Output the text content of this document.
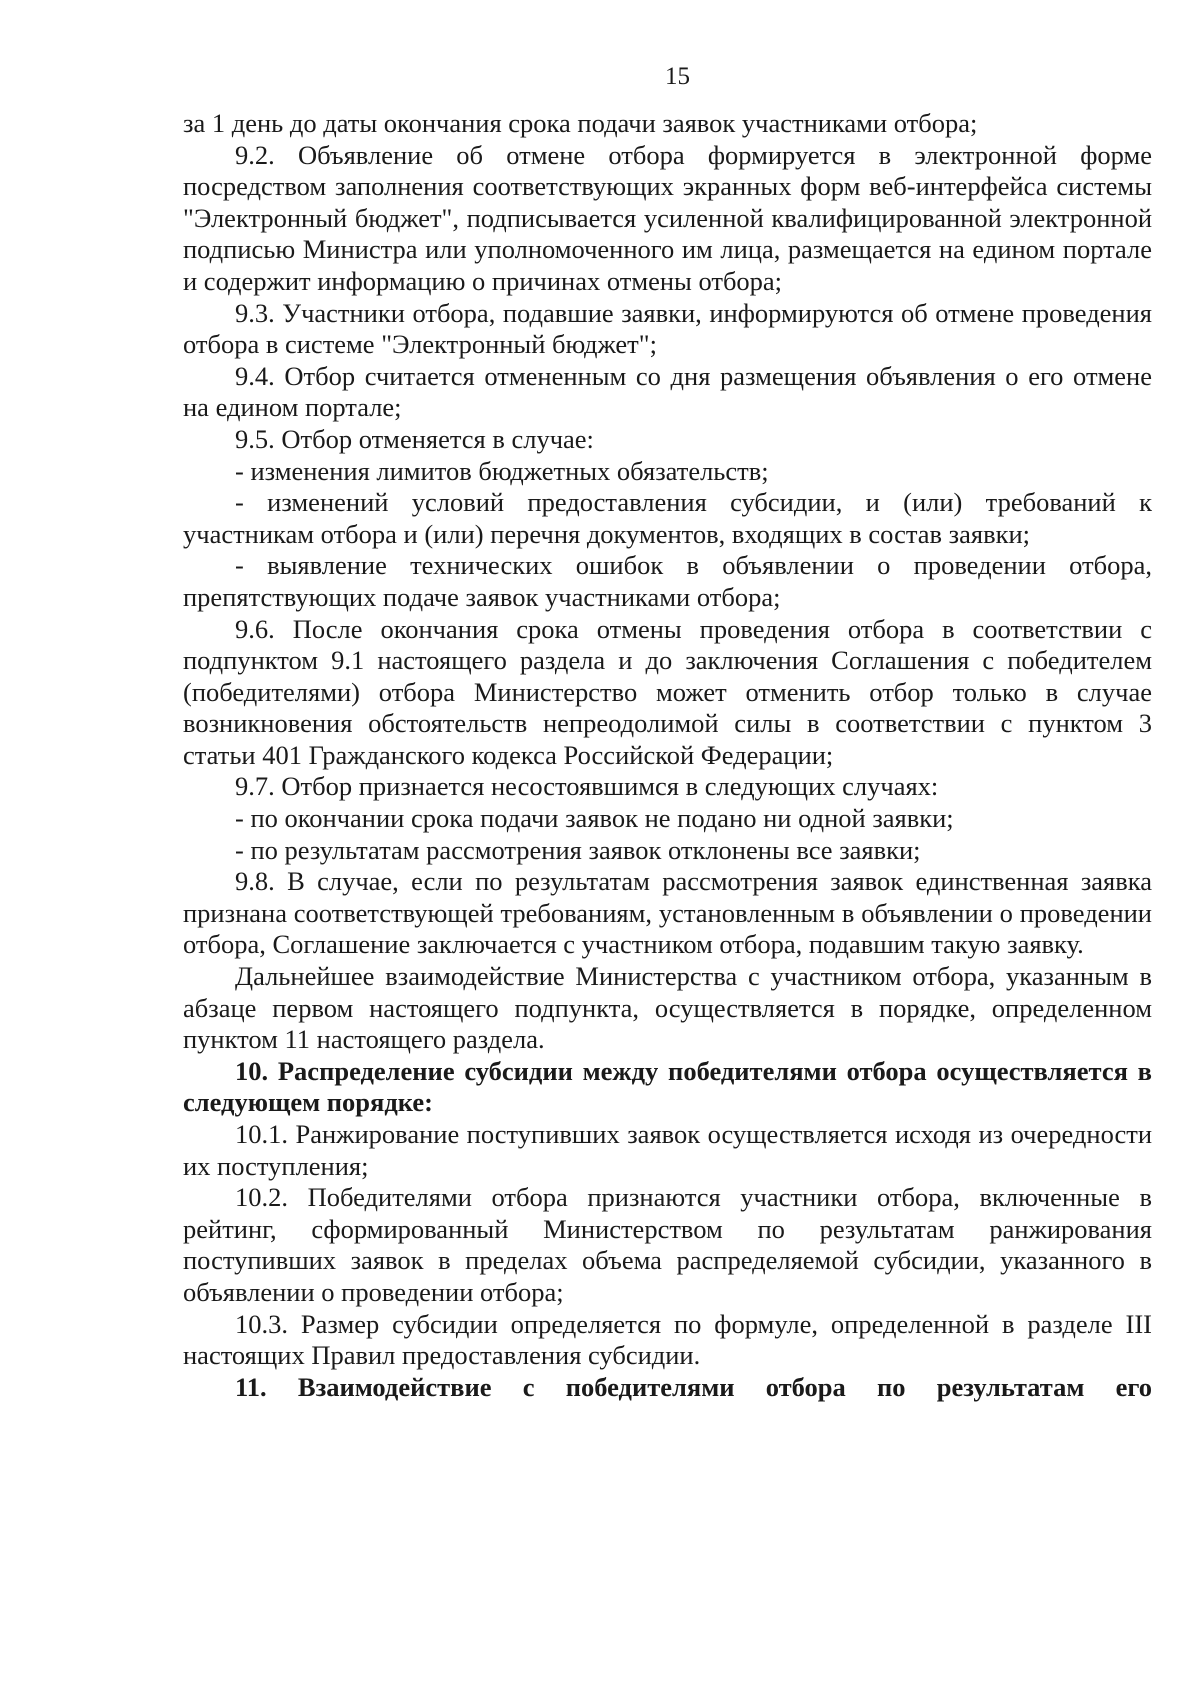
15

за 1 день до даты окончания срока подачи заявок участниками отбора;

9.2. Объявление об отмене отбора формируется в электронной форме посредством заполнения соответствующих экранных форм веб-интерфейса системы "Электронный бюджет", подписывается усиленной квалифицированной электронной подписью Министра или уполномоченного им лица, размещается на едином портале и содержит информацию о причинах отмены отбора;

9.3. Участники отбора, подавшие заявки, информируются об отмене проведения отбора в системе "Электронный бюджет";

9.4. Отбор считается отмененным со дня размещения объявления о его отмене на едином портале;

9.5. Отбор отменяется в случае:

- изменения лимитов бюджетных обязательств;

- изменений условий предоставления субсидии, и (или) требований к участникам отбора и (или) перечня документов, входящих в состав заявки;

- выявление технических ошибок в объявлении о проведении отбора, препятствующих подаче заявок участниками отбора;

9.6. После окончания срока отмены проведения отбора в соответствии с подпунктом 9.1 настоящего раздела и до заключения Соглашения с победителем (победителями) отбора Министерство может отменить отбор только в случае возникновения обстоятельств непреодолимой силы в соответствии с пунктом 3 статьи 401 Гражданского кодекса Российской Федерации;

9.7. Отбор признается несостоявшимся в следующих случаях:

- по окончании срока подачи заявок не подано ни одной заявки;

- по результатам рассмотрения заявок отклонены все заявки;

9.8. В случае, если по результатам рассмотрения заявок единственная заявка признана соответствующей требованиям, установленным в объявлении о проведении отбора, Соглашение заключается с участником отбора, подавшим такую заявку.

Дальнейшее взаимодействие Министерства с участником отбора, указанным в абзаце первом настоящего подпункта, осуществляется в порядке, определенном пунктом 11 настоящего раздела.

10. Распределение субсидии между победителями отбора осуществляется в следующем порядке:

10.1. Ранжирование поступивших заявок осуществляется исходя из очередности их поступления;

10.2. Победителями отбора признаются участники отбора, включенные в рейтинг, сформированный Министерством по результатам ранжирования поступивших заявок в пределах объема распределяемой субсидии, указанного в объявлении о проведении отбора;

10.3. Размер субсидии определяется по формуле, определенной в разделе III настоящих Правил предоставления субсидии.

11. Взаимодействие с победителями отбора по результатам его
